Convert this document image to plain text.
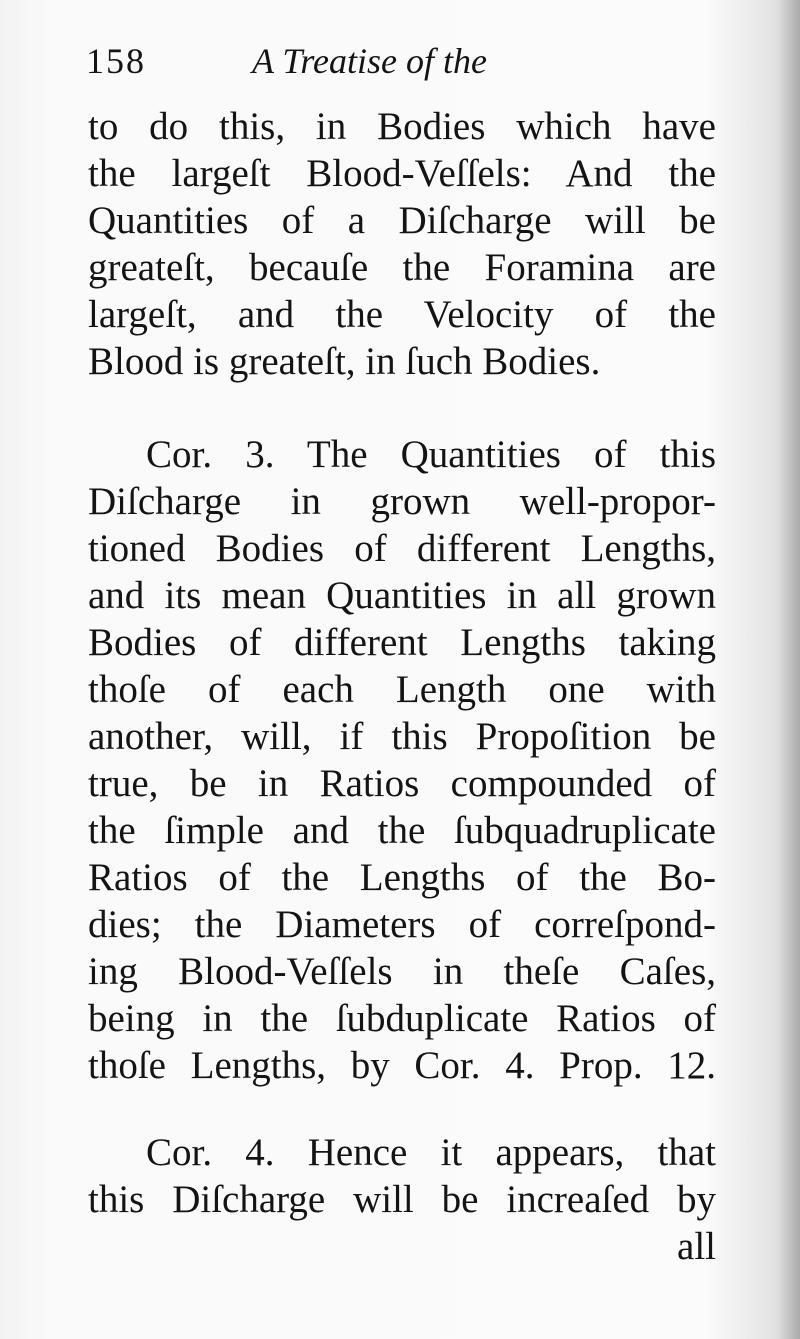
158	A Treatise of the
to do this, in Bodies which have
the largeſt Blood-Veſſels: And the
Quantities of a Diſcharge will be
greateſt, becauſe the Foramina are
largeſt, and the Velocity of the
Blood is greateſt, in ſuch Bodies.
Cor. 3. The Quantities of this
Diſcharge in grown well-propor-
tioned Bodies of different Lengths,
and its mean Quantities in all grown
Bodies of different Lengths taking
thoſe of each Length one with
another, will, if this Propoſition be
true, be in Ratios compounded of
the ſimple and the ſubquadruplicate
Ratios of the Lengths of the Bo-
dies; the Diameters of correſpond-
ing Blood-Veſſels in theſe Caſes,
being in the ſubduplicate Ratios of
thoſe Lengths, by Cor. 4. Prop. 12.
Cor. 4. Hence it appears, that
this Diſcharge will be increaſed by
all
